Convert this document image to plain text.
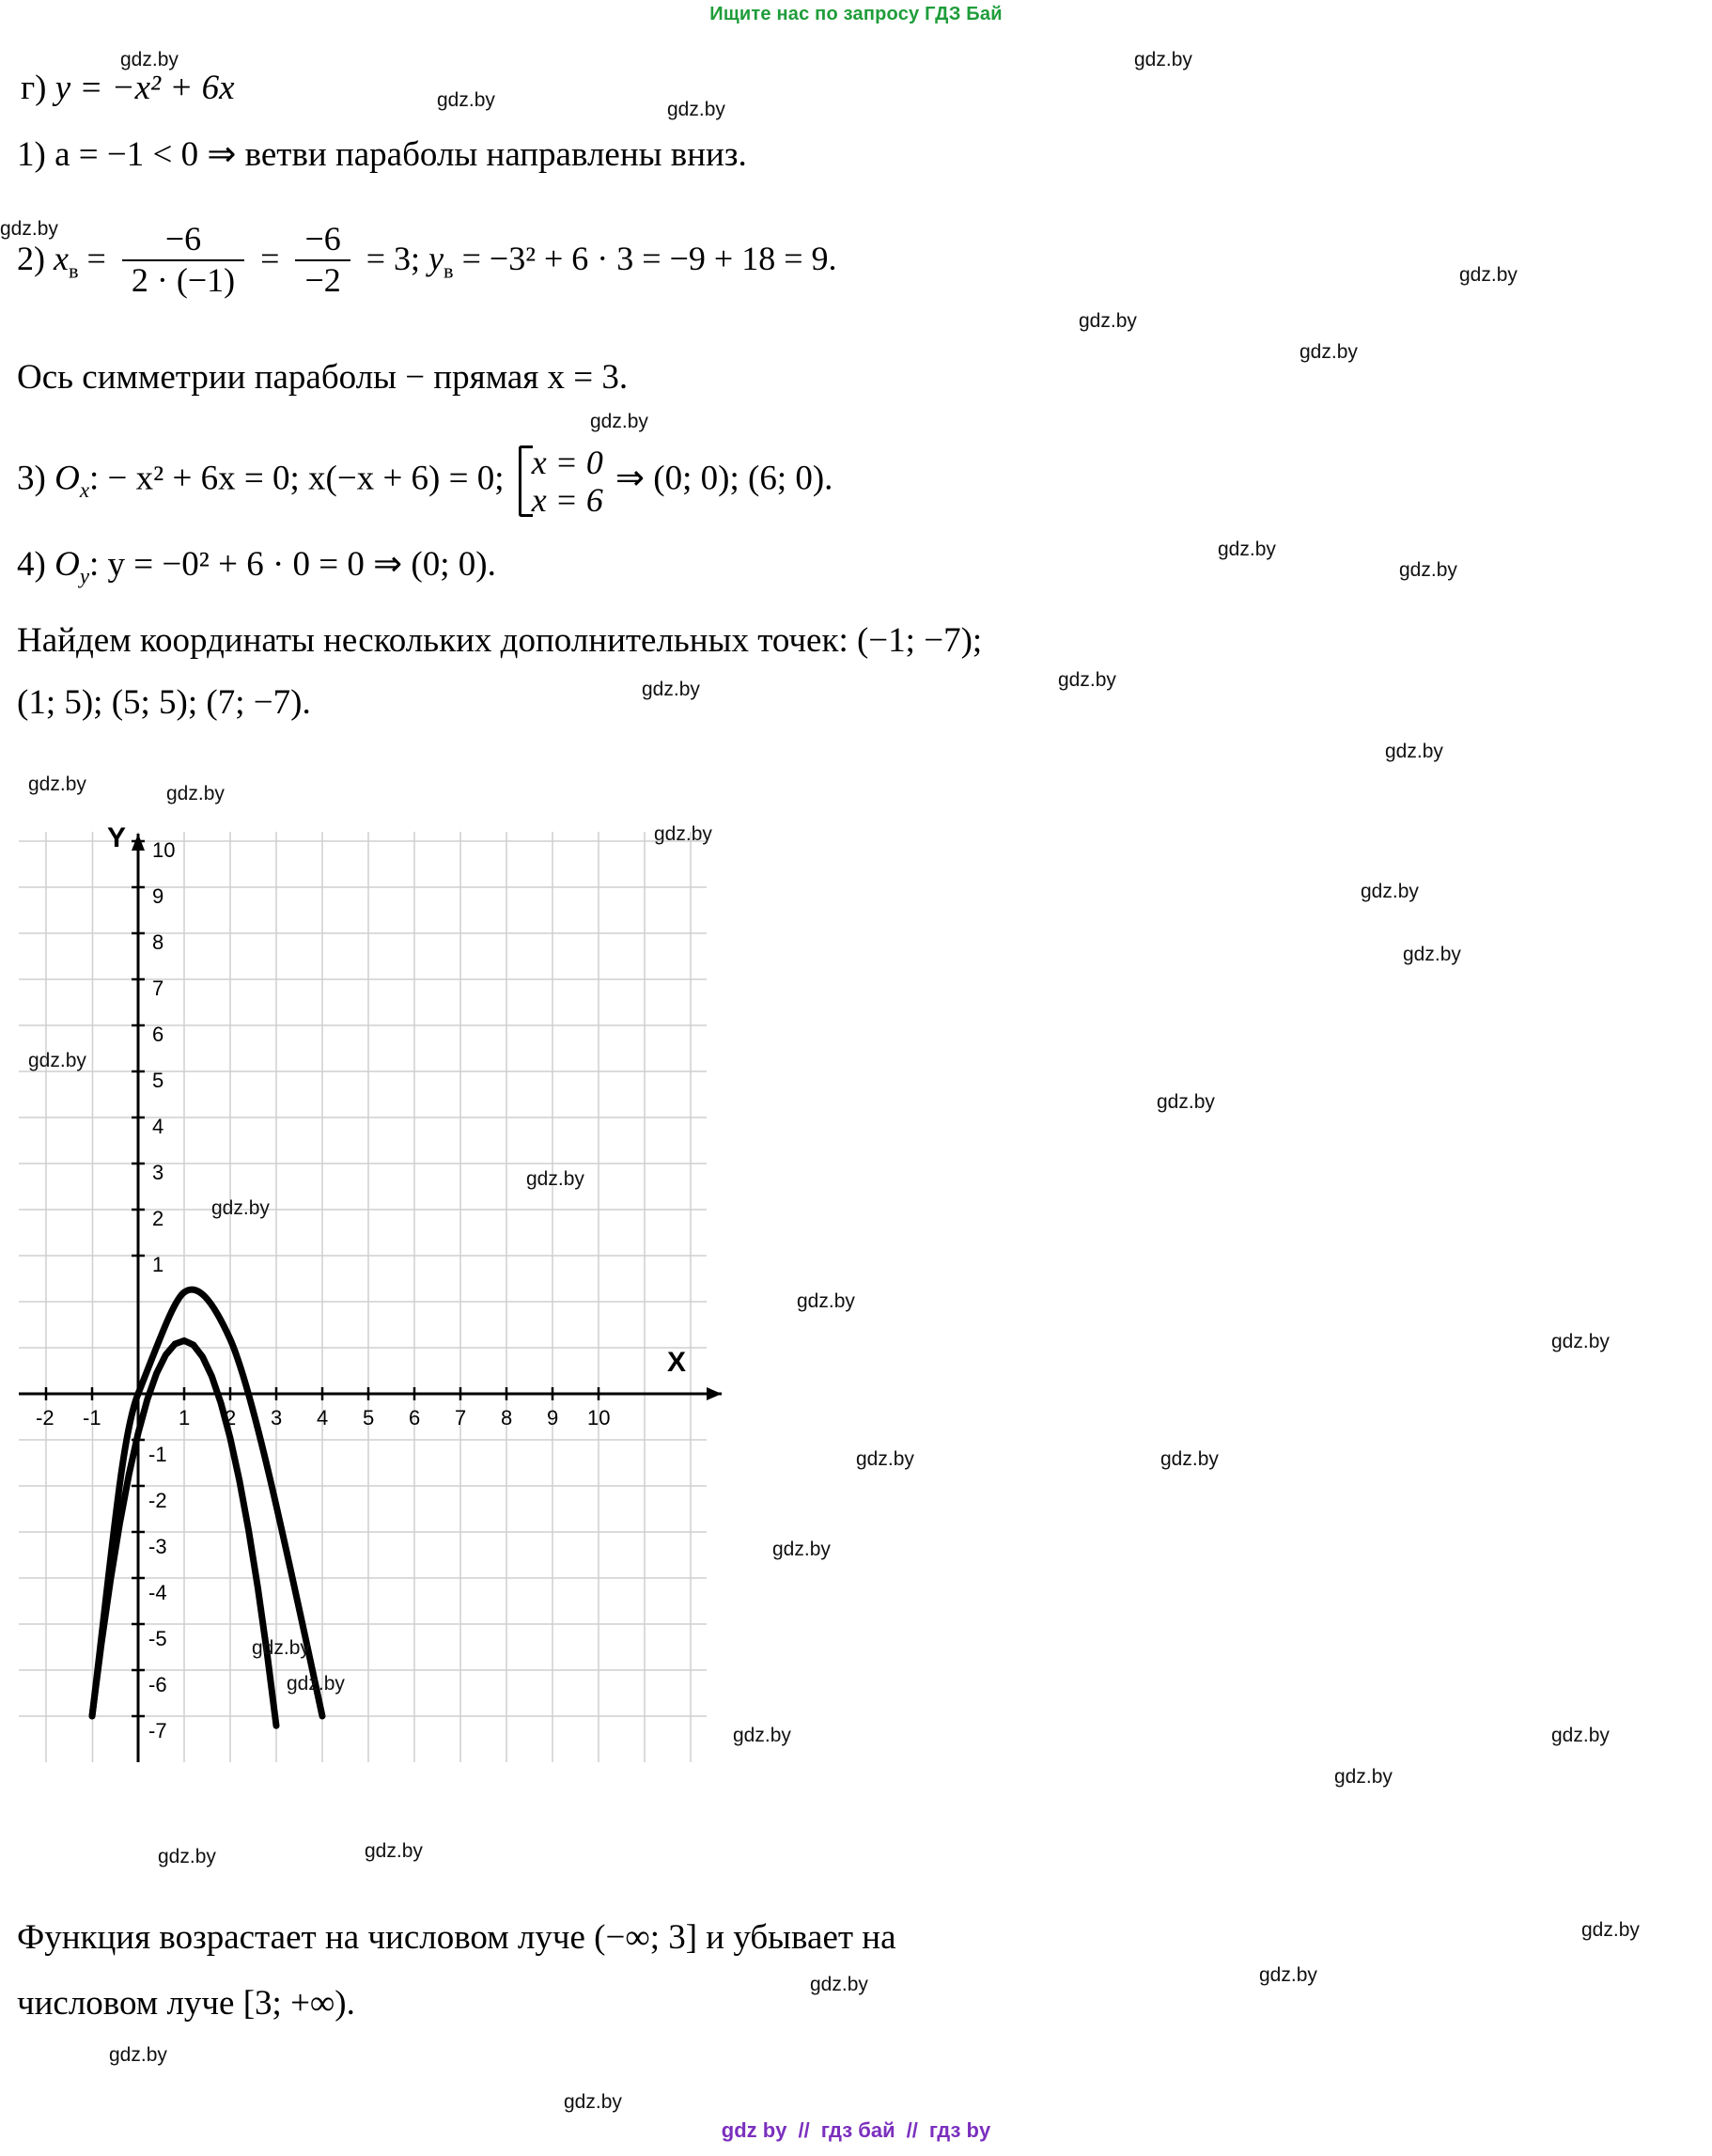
Ищите нас по запросу ГДЗ Бай
г) y = −x² + 6x
1) a = −1 < 0 ⇒ ветви параболы направлены вниз.
2) $x_в = \frac{-6}{2 \cdot (-1)} = \frac{-6}{-2} = 3$; $y_в = -3^2 + 6 \cdot 3 = -9 + 18 = 9$.
Ось симметрии параболы − прямая x = 3.
3) $O_x$: − x² + 6x = 0; x(−x + 6) = 0; x = 0
x = 6
⇒ (0; 0); (6; 0).
4) $O_y$: y = −0² + 6 · 0 = 0 ⇒ (0; 0).
Найдем координаты нескольких дополнительных точек: (−1; −7);
(1; 5); (5; 5); (7; −7).
Y
X
10
9
8
7
6
5
4
3
2
1
-1
-2
-3
-4
-5
-6
-7
-2 -1	1 2 3 4 5 6 7 8 9 10
Функция возрастает на числовом луче (−∞; 3] и убывает на
числовом луче [3; +∞).
gdz.by	gdz.by
gdz.by	gdz.by
gdz.by
gdz.by
gdz.by
gdz.by
gdz.by
gdz.by
gdz.by
gdz.by	gdz.by
gdz.by
gdz.by	gdz.by
gdz.by
gdz.by
gdz.by
gdz.by
gdz.by
gdz.by
gdz.by
gdz.by
gdz.by
gdz.by	gdz.by
gdz.by
gdz.by
gdz.by
gdz.by	gdz.by
gdz.by
gdz.by	gdz.by
gdz.by
gdz.by	gdz.by
gdz.by
gdz.by
gdz by // гдз бай // гдз by
